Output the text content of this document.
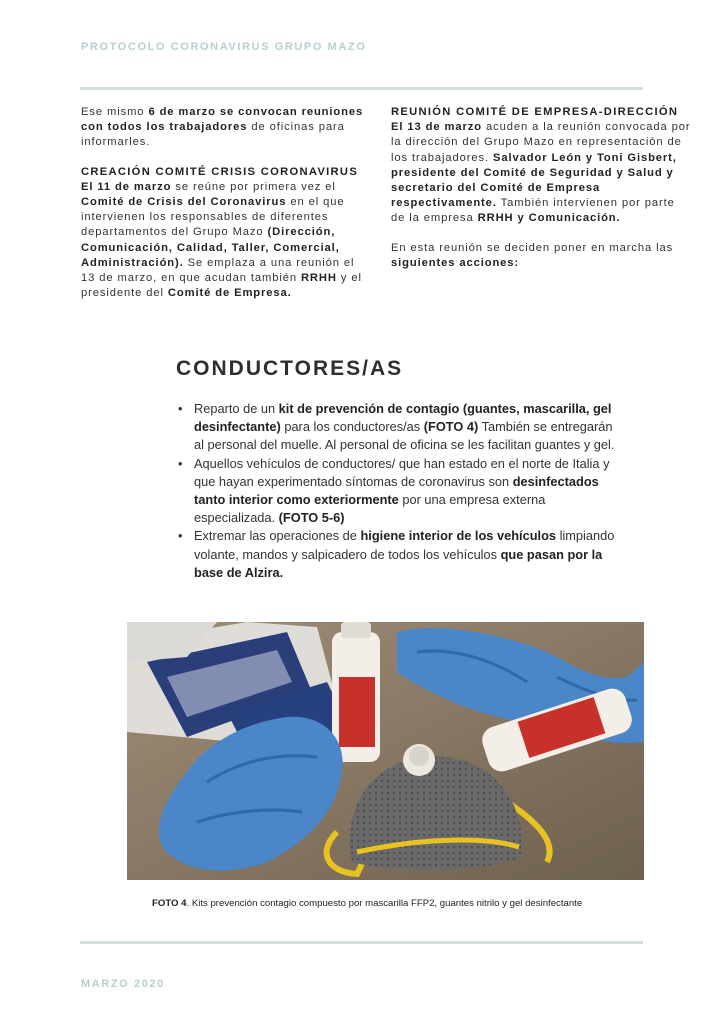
PROTOCOLO CORONAVIRUS GRUPO MAZO

Ese mismo 6 de marzo se convocan reuniones con todos los trabajadores de oficinas para informarles.

CREACIÓN COMITÉ CRISIS CORONAVIRUS
El 11 de marzo se reúne por primera vez el Comité de Crisis del Coronavirus en el que intervienen los responsables de diferentes departamentos del Grupo Mazo (Dirección, Comunicación, Calidad, Taller, Comercial, Administración). Se emplaza a una reunión el 13 de marzo, en que acudan también RRHH y el presidente del Comité de Empresa.

REUNIÓN COMITÉ DE EMPRESA-DIRECCIÓN
El 13 de marzo acuden a la reunión convocada por la dirección del Grupo Mazo en representación de los trabajadores. Salvador León y Toni Gisbert, presidente del Comité de Seguridad y Salud y secretario del Comité de Empresa respectivamente. También intervienen por parte de la empresa RRHH y Comunicación.

En esta reunión se deciden poner en marcha las siguientes acciones:

CONDUCTORES/AS
• Reparto de un kit de prevención de contagio (guantes, mascarilla, gel desinfectante) para los conductores/as (FOTO 4) También se entregarán al personal del muelle. Al personal de oficina se les facilitan guantes y gel.
• Aquellos vehículos de conductores/ que han estado en el norte de Italia y que hayan experimentado síntomas de coronavirus son desinfectados tanto interior como exteriormente por una empresa externa especializada. (FOTO 5-6)
• Extremar las operaciones de higiene interior de los vehículos limpiando volante, mandos y salpicadero de todos los vehículos que pasan por la base de Alzira.
FOTO 4. Kits prevención contagio compuesto por mascarilla FFP2, guantes nitrilo y gel desinfectante
MARZO 2020
